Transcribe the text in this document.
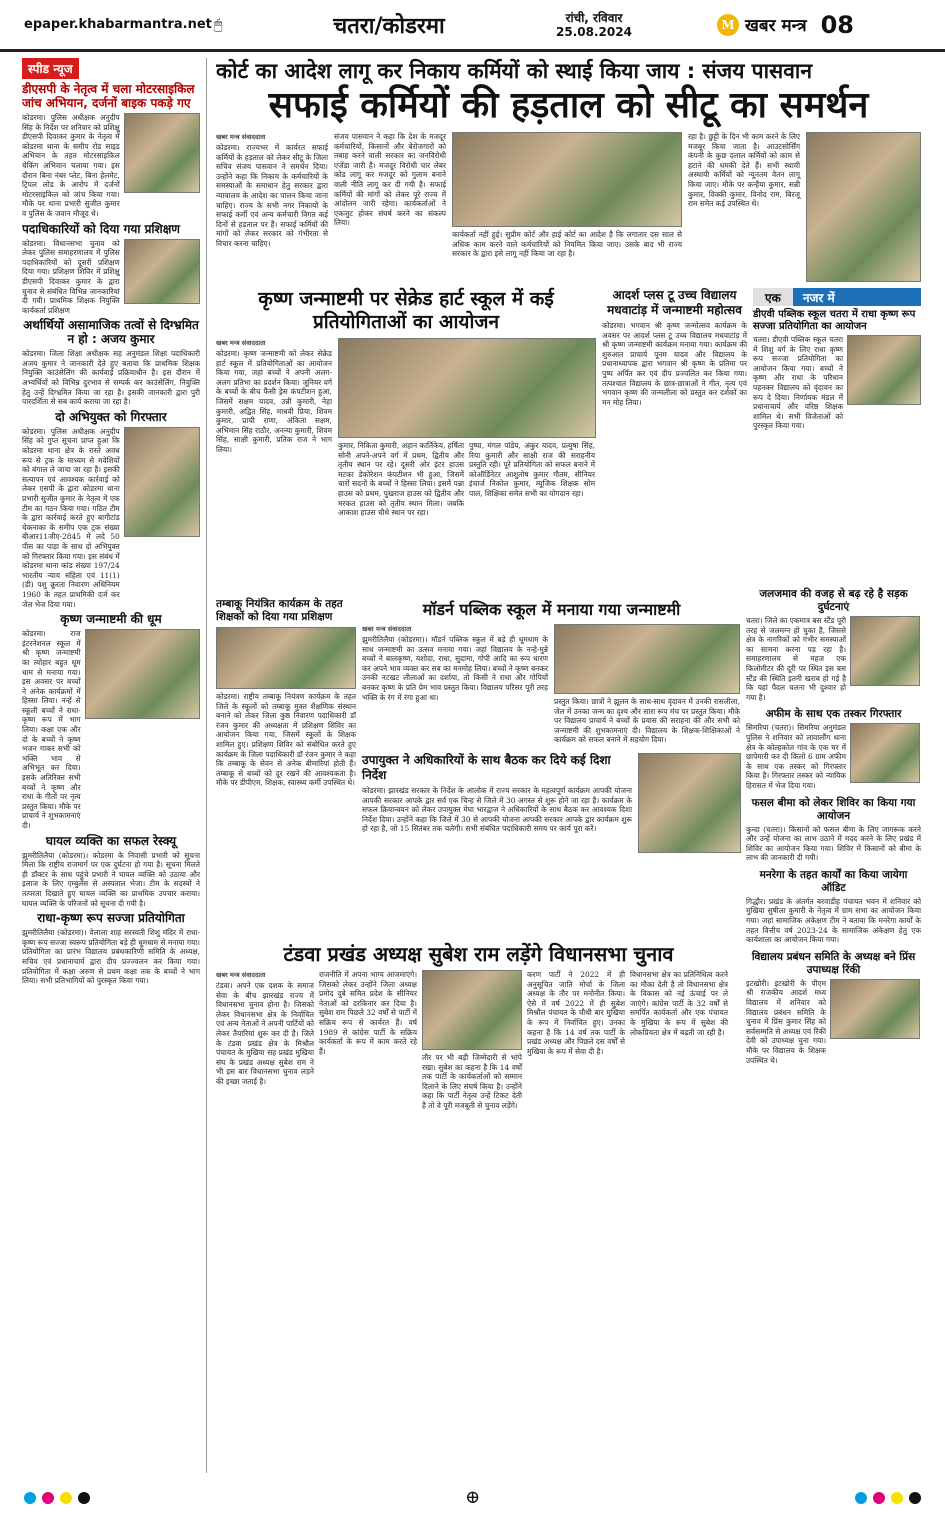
epaper.khabarmantra.net 🖱	चतरा/कोडरमा	रांची, रविवार
25.08.2024	M खबर मन्त्र 08
स्पीड न्यूज
डीएसपी के नेतृत्व में चला मोटरसाइकिल जांच अभियान, दर्जनों बाइक पकड़े गए

कोडरमा। पुलिस अधीक्षक अनुदीप सिंह के निर्देश पर शनिवार को प्रशिक्षु डीएसपी दिवाकर कुमार के नेतृत्व में कोडरमा थाना के समीप रोड साइड अभियान के तहत मोटरसाइकिल चेकिंग अभियान चलाया गया। इस दौरान बिना नंबर प्लेट, बिना हेलमेट, ट्रिपल लोड के आरोप में दर्जनों मोटरसाइकिल को जांच किया गया। मौके पर थाना प्रभारी सुजीत कुमार व पुलिस के जवान मौजूद थे।

पदाधिकारियों को दिया गया प्रशिक्षण

कोडरमा। विधानसभा चुनाव को लेकर पुलिस समाहरणालय में पुलिस पदाधिकारियों को दूसरी प्रशिक्षण दिया गया। प्रशिक्षण शिविर में प्रशिक्षु डीएसपी दिवाकर कुमार के द्वारा चुनाव से संबंधित विभिन्न जानकारियां दी गयी। प्राथमिक शिक्षक नियुक्ति कार्यकर्ता प्रशिक्षण

अर्थार्थियों असामाजिक तत्वों से दिग्भ्रमित न हो : अजय कुमार

कोडरमा। जिला शिक्षा अधीक्षक सह अनुमंडल शिक्षा पदाधिकारी अजय कुमार ने जानकारी देते हुए बताया कि प्राथमिक शिक्षक नियुक्ति काउंसेलिंग की कार्यवाई प्रक्रियाधीन है। इस दौरान में अभ्यर्थियों को विभिन्न दुरभाव से सम्पर्क कर काउंसेलिंग, नियुक्ति हेतु उन्हें दिग्भ्रमित किया जा रहा है। इसकी जानकारी द्वारा पुरी पारदर्शिता से सब कार्य कराया जा रहा है।

दो अभियुक्त को गिरफ्तार

कोडरमा। पुलिस अधीक्षक अनुदीप सिंह को गुप्त सूचना प्राप्त हुआ कि कोडरमा थाना क्षेत्र के रास्ते अवध रूप से ट्रक के माध्यम से मवेशियों को बंगाल ले जाया जा रहा है। इसकी सत्यापन एवं आवश्यक कार्रवाई को लेकर एसपी के द्वारा कोडरमा थाना प्रभारी सुजीत कुमार के नेतृत्व में एक टीम का गठन किया गया। गठित टीम के द्वारा कार्रवाई करते हुए बागीटांड चेकनाका के समीप एक ट्रक संख्या बीआर11जीए-2845 में लदे 50 पीस का पाड़ा के साथ दो अभियुक्त को गिरफ्तार किया गया। इस संबंध में कोडरमा थाना कांड संख्या 197/24 भारतीय न्याय संहिता एवं 11(1)(डी) पशु क्रूरता निवारण अधिनियम 1960 के तहत प्राथमिकी दर्ज कर जेल भेज दिया गया।

कृष्ण जन्माष्टमी की धूम

कोडरमा। राज इंटरनेशनल स्कूल में श्री कृष्ण जन्माष्टमी का त्योहार बहुत धूम धाम से मनाया गया। इस अवसर पर बच्चों ने अनेक कार्यक्रमों में हिस्सा लिया। नन्हें से स्कूली बच्चों ने राधा-कृष्ण रूप में भाग लिया। कक्षा एक और दो के बच्चों ने कृष्ण भजन गाकर सभी को भक्ति भाव से अभिभूत कर दिया। इसके अतिरिक्त सभी बच्चों ने कृष्ण और राधा के गीतों पर नृत्य प्रस्तुत किया। मौके पर प्राचार्य ने शुभकामनाएं दी।

घायल व्यक्ति का सफल रेस्क्यू

झुमरीतिलैया (कोडरमा)। कोडरमा के निवासी प्रभारी को सूचना मिला कि राष्ट्रीय राजमार्ग पर एक दुर्घटना हो गया है। सूचना मिलते ही डॉक्टर के साथ पहुंचे प्रभारी ने घायल व्यक्ति को उठाया और इलाज के लिए एम्बुलेंस से अस्पताल भेजा। टीम के सदस्यों ने तत्परता दिखाते हुए घायल व्यक्ति का प्राथमिक उपचार कराया। घायल व्यक्ति के परिजनों को सूचना दी गयी है।

राधा-कृष्ण रूप सज्जा प्रतियोगिता

झुमरीतिलैया (कोडरमा)। वेलाला शाह सरस्वती शिशु मंदिर में राधा-कृष्ण रूप सज्जा स्वरूप प्रतियोगिता बड़े ही धूमधाम से मनाया गया। प्रतियोगिता का प्रारंभ विद्यालय प्रबंधकारिणी समिति के अध्यक्ष, सचिव एवं प्रधानाचार्य द्वारा दीप प्रज्ज्वलन कर किया गया। प्रतियोगिता में कक्षा अरुण से प्रथम कक्षा तक के बच्चों ने भाग लिया। सभी प्रतिभागियों को पुरस्कृत किया गया।

कोर्ट का आदेश लागू कर निकाय कर्मियों को स्थाई किया जाय : संजय पासवान
सफाई कर्मियों की हड़ताल को सीटू का समर्थन
खबर मन्त्र संवाददाता

कोडरमा। राज्यभर में कार्यरत सफाई कर्मियों के हड़ताल को लेकर सीटू के जिला सचिव संजय पासवान ने समर्थन दिया। उन्होंने कहा कि निकाय के कर्मचारियों के समस्याओं के समाधान हेतु सरकार द्वारा न्यायालय के आदेश का पालन किया जाना चाहिए। राज्य के सभी नगर निकायों के सफाई कर्मी एवं अन्य कर्मचारी विगत कई दिनों से हड़ताल पर हैं। सफाई कर्मियों की मांगों को लेकर सरकार को गंभीरता से विचार करना चाहिए।

संजय पासवान ने कहा कि देश के मजदूर कर्मचारियों, किसानों और बेरोजगारों को तबाह करने वाली सरकार का जनविरोधी एजेंडा जारी है। मजदूर विरोधी चार लेबर कोड लागू कर मजदूर को गुलाम बनाने वाली नीति लागू कर दी गयी है। सफाई कर्मियों की मांगों को लेकर पूरे राज्य में आंदोलन जारी रहेगा। कार्यकर्ताओं ने एकजुट होकर संघर्ष करने का संकल्प लिया।

कार्यकर्ता नहीं हुई। सुप्रीम कोर्ट और हाई कोर्ट का आदेश है कि लगातार दस साल से अधिक काम करने वाले कर्मचारियों को नियमित किया जाए। उसके बाद भी राज्य सरकार के द्वारा इसे लागू नहीं किया जा रहा है।

रहा है। छुट्टी के दिन भी काम करने के लिए मजबूर किया जाता है। आउटसोर्सिंग कंपनी के कुछ दलाल कर्मियों को काम से हटाने की धमकी देते हैं। सभी स्थायी अस्थायी कर्मियों को न्यूनतम वेतन लागू किया जाए। मौके पर कन्हैया कुमार, सन्नी कुमार, विक्की कुमार, विनोद राम, बिरजू राम समेत कई उपस्थित थे।

कृष्ण जन्माष्टमी पर सेक्रेड हार्ट स्कूल में कई प्रतियोगिताओं का आयोजन
खबर मन्त्र संवाददाता

कोडरमा। कृष्ण जन्माष्टमी को लेकर सेक्रेड हार्ट स्कूल में प्रतियोगिताओं का आयोजन किया गया, जहां बच्चों ने अपनी अलग-अलग प्रतिभा का प्रदर्शन किया। जूनियर वर्ग के बच्चों के बीच फैंसी ड्रेस कंपटीशन हुआ, जिसमें सक्षम यादव, उन्नी कुमारी, नेहा कुमारी, अद्वित सिंह, माधवी प्रिया, शिवम कुमार, प्राची राणा, अंकिता सक्षम, अभिमान सिंह राठौर, अनन्या कुमारी, शिवम सिंह, साक्षी कुमारी, प्रतिक राज ने भाग लिया।	कुमार, निकिता कुमारी, अहान कार्तिकेय, हर्षिता सोनी अपने-अपने वर्ग में प्रथम, द्वितीय और तृतीय स्थान पर रहे। दूसरी ओर इंटर हाउस मटका डेकोरेशन कंपटीशन भी हुआ, जिसमें चारों सदनों के बच्चों ने हिस्सा लिया। इसमें पन्ना हाउस को प्रथम, पुखराज हाउस को द्वितीय और मरकत हाउस को तृतीय स्थान मिला। जबकि आकाश हाउस चौथे स्थान पर रहा।

पुष्पा, मंगल पांडेय, अंकुर यादव, प्रत्युषा सिंह, रिया कुमारी और साक्षी राज की सराहनीय प्रस्तुति रही। पूरे प्रतियोगिता को सफल बनाने में कोऑर्डिनेटर आशुतोष कुमार गौतम, सीनियर इंचार्ज निकोल कुमार, म्यूजिक शिक्षक सोम पाल, शिक्षिका समेत सभी का योगदान रहा।

आदर्श प्लस टू उच्च विद्यालय मधवाटांड़ में जन्माष्टमी महोत्सव

कोडरमा। भगवान श्री कृष्ण जन्मोत्सव कार्यक्रम के अवसर पर आदर्श प्लस टू उच्च विद्यालय मधवाटांड़ में श्री कृष्ण जन्माष्टमी कार्यक्रम मनाया गया। कार्यक्रम की शुरुआत प्राचार्य पूनम यादव और विद्यालय के प्रधानाध्यापक द्वारा भगवान श्री कृष्ण के प्रतिमा पर पुष्प अर्पित कर एवं दीप प्रज्वलित कर किया गया। तत्पश्चात विद्यालय के छात्र-छात्राओं ने गीत, नृत्य एवं भगवान कृष्ण की जन्मलीला को प्रस्तुत कर दर्शकों का मन मोह लिया।

एक	नजर में
डीएवी पब्लिक स्कूल चतरा में राधा कृष्ण रूप सज्जा प्रतियोगिता का आयोजन

चतरा। डीएवी पब्लिक स्कूल चतरा में शिशु वर्ग के लिए राधा कृष्ण रूप सज्जा प्रतियोगिता का आयोजन किया गया। बच्चों ने कृष्ण और राधा के परिधान पहनकर विद्यालय को वृंदावन का रूप दे दिया। निर्णायक मंडल में प्रधानाचार्य और वरिष्ठ शिक्षक शामिल थे। सभी विजेताओं को पुरस्कृत किया गया।

तम्बाकू नियंत्रित कार्यक्रम के तहत शिक्षकों को दिया गया प्रशिक्षण

कोडरमा। राष्ट्रीय तम्बाकू नियंत्रण कार्यक्रम के तहत जिले के स्कूलों को तम्बाकू मुक्त शैक्षणिक संस्थान बनाने को लेकर जिला कुष्ठ निवारण पदाधिकारी डॉ रंजन कुमार की अध्यक्षता में प्रशिक्षण शिविर का आयोजन किया गया, जिसमें स्कूलों के शिक्षक शामिल हुए। प्रशिक्षण शिविर को संबोधित करते हुए कार्यक्रम के जिला पदाधिकारी डॉ रंजन कुमार ने कहा कि तम्बाकू के सेवन से अनेक बीमारियां होती हैं। तम्बाकू से बच्चों को दूर रखने की आवश्यकता है। मौके पर डीपीएम, शिक्षक, स्वास्थ्य कर्मी उपस्थित थे।

मॉडर्न पब्लिक स्कूल में मनाया गया जन्माष्टमी
खबर मन्त्र संवाददाता

झुमरीतिलैया (कोडरमा)। मॉडर्न पब्लिक स्कूल में बड़े ही धूमधाम के साथ जन्माष्टमी का उत्सव मनाया गया। जहां विद्यालय के नन्हे-मुन्ने बच्चों ने बालकृष्ण, यशोदा, राधा, सुदामा, गोपी आदि का रूप धारण कर अपने भाव व्यक्त कर सब का मनमोह लिया। बच्चों ने कृष्ण बनकर उनकी नटखट लीलाओं का दर्शाया, तो किसी ने राधा और गोपियों बनकर कृष्ण के प्रति प्रेम भाव प्रस्तुत किया। विद्यालय परिसर पूरी तरह भक्ति के रंग में रंगा हुआ था।	प्रस्तुत किया। छात्रों ने झूलन के साथ-साथ वृंदावन में उनकी रासलीला, जेल में उनका जन्म का दृश्य और सारा रूप मंच पर प्रस्तुत किया। मौके पर विद्यालय प्राचार्य ने बच्चों के प्रयास की सराहना की और सभी को जन्माष्टमी की शुभकामनाएं दी। विद्यालय के शिक्षक-शिक्षिकाओं ने कार्यक्रम को सफल बनाने में सहयोग दिया।

उपायुक्त ने अधिकारियों के साथ बैठक कर दिये कई दिशा निर्देश

कोडरमा। झारखंड सरकार के निर्देश के आलोक में राज्य सरकार के महत्वपूर्ण कार्यक्रम आपकी योजना आपकी सरकार आपके द्वार सर्व एक चिन्ह से जिले में 30 अगस्त से शुरू होने जा रहा है। कार्यक्रम के सफल क्रियान्वयन को लेकर उपायुक्त मेघा भारद्वाज ने अधिकारियों के साथ बैठक कर आवश्यक दिशा निर्देश दिया। उन्होंने कहा कि जिले में 30 से आपकी योजना आपकी सरकार आपके द्वार कार्यक्रम शुरू हो रहा है, जो 15 सितंबर तक चलेगी। सभी संबंधित पदाधिकारी समय पर कार्य पूरा करें।

टंडवा प्रखंड अध्यक्ष सुबेश राम लड़ेंगे विधानसभा चुनाव
खबर मन्त्र संवाददाता

टंडवा। अपने एक दशक के समाज सेवा के बीच झारखंड राज्य में विधानसभा चुनाव होना है। जिसको लेकर विधानसभा क्षेत्र के निर्वाचित एवं अन्य नेताओं ने अपनी पार्टियों को लेकर तैयारियां शुरू कर दी है। जिले के टंडवा प्रखंड क्षेत्र के मिश्रौल पंचायत के मुखिया सह प्रखंड मुखिया संघ के प्रखंड अध्यक्ष सुबेश राम ने भी इस बार विधानसभा चुनाव लड़ने की इच्छा जताई है।

राजनीति में अपना भाग्य आजमाएंगे। जिसको लेकर उन्होंने जिला अध्यक्ष प्रमोद दुबे समित प्रदेश के सीनियर नेताओं को दरकिनार कर दिया है। सुबेश राम पिछले 32 वर्षों से पार्टी में सक्रिय रूप से कार्यरत हैं। वर्ष 1989 से कांग्रेस पार्टी के सक्रिय कार्यकर्ता के रूप में काम करते रहे हैं।

तौर पर भी बड़ी जिम्मेदारी से भांपे रखा। सुबेश का कहना है कि 14 वर्षों तक पार्टी के कार्यकर्ताओं को सम्मान दिलाने के लिए संघर्ष किया है। उन्होंने कहा कि पार्टी नेतृत्व उन्हें टिकट देती है तो वे पूरी मजबूती से चुनाव लड़ेंगे।

करण पार्टी ने 2022 में ही अनुसूचित जाति मोर्चा के जिला अध्यक्ष के तौर पर मनोनीत किया। ऐसे में वर्ष 2022 में ही सुबेश मिश्रौल पंचायत के चौथी बार मुखिया के रूप में निर्वाचित हुए। उनका कहना है कि 14 वर्ष तक पार्टी के प्रखंड अध्यक्ष और पिछले दस वर्षों से मुखिया के रूप में सेवा दी है।

विधानसभा क्षेत्र का प्रतिनिधित्व करने का मौका देती है तो विधानसभा क्षेत्र के विकास को नई ऊंचाई पर ले जाएंगे। कांग्रेस पार्टी के 32 वर्षों से समर्पित कार्यकर्ता और एक पंचायत के मुखिया के रूप में सुबेश की लोकप्रियता क्षेत्र में बढ़ती जा रही है।

जलजमाव की वजह से बढ़ रहे है सड़क दुर्घटनाएं

चतरा। जिले का एकमात्र बस स्टैंड पूरी तरह से जलमग्न हो चुका है, जिससे क्षेत्र के नागरिकों को गंभीर समस्याओं का सामना करना पड़ रहा है। समाहरणालय से महज एक किलोमीटर की दूरी पर स्थित इस बस स्टैंड की स्थिति इतनी खराब हो गई है कि यहां पैदल चलना भी दुश्वार हो गया है।

अफीम के साथ एक तस्कर गिरफ्तार

सिमरिया (चतरा)। सिमरिया अनुमंडल पुलिस ने शनिवार को लावालौंग थाना क्षेत्र के कोल्हकोल गांव के एक घर में छापेमारी कर दी किलो 6 ग्राम अफीम के साथ एक तस्कर को गिरफ्तार किया है। गिरफ्तार तस्कर को न्यायिक हिरासत में भेज दिया गया।

फसल बीमा को लेकर शिविर का किया गया आयोजन

कुन्दा (चतरा)। किसानों को फसल बीमा के लिए जागरूक करने और उन्हें योजना का लाभ उठाने में मदद करने के लिए प्रखंड में शिविर का आयोजन किया गया। शिविर में किसानों को बीमा के लाभ की जानकारी दी गयी।

मनरेगा के तहत कार्यों का किया जायेगा ऑडिट

गिद्धौर। प्रखंड के अंतर्गत बरवाडीह पंचायत भवन में शनिवार को मुखिया सुषीला कुमारी के नेतृत्व में ग्राम सभा का आयोजन किया गया। जहां सामाजिक अंकेक्षण टीम ने बताया कि मनरेगा कार्यों के तहत वित्तीय वर्ष 2023-24 के सामाजिक अंकेक्षण हेतु एक कार्यशाला का आयोजन किया गया।

विद्यालय प्रबंधन समिति के अध्यक्ष बने प्रिंस उपाध्यक्ष रिंकी

इटखोरी। इटखोरी के पीएम श्री राजकीय आदर्श मध्य विद्यालय में शनिवार को विद्यालय प्रबंधन समिति के चुनाव में प्रिंस कुमार सिंह को सर्वसम्मति से अध्यक्ष एवं रिंकी देवी को उपाध्यक्ष चुना गया। मौके पर विद्यालय के शिक्षक उपस्थित थे।

⊕
